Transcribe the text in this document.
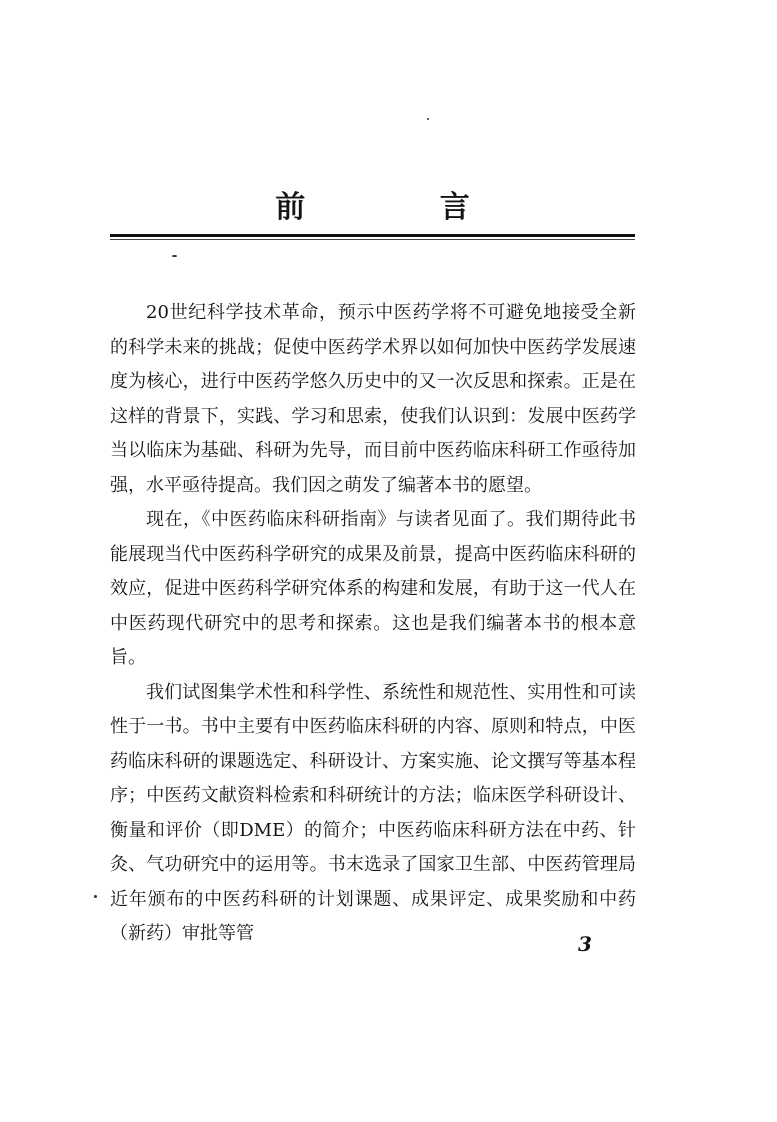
前 言

20世纪科学技术革命，预示中医药学将不可避免地接受全新的科学未来的挑战；促使中医药学术界以如何加快中医药学发展速度为核心，进行中医药学悠久历史中的又一次反思和探索。正是在这样的背景下，实践、学习和思索，使我们认识到：发展中医药学当以临床为基础、科研为先导，而目前中医药临床科研工作亟待加强，水平亟待提高。我们因之萌发了编著本书的愿望。

现在，《中医药临床科研指南》与读者见面了。我们期待此书能展现当代中医药科学研究的成果及前景，提高中医药临床科研的效应，促进中医药科学研究体系的构建和发展，有助于这一代人在中医药现代研究中的思考和探索。这也是我们编著本书的根本意旨。

我们试图集学术性和科学性、系统性和规范性、实用性和可读性于一书。书中主要有中医药临床科研的内容、原则和特点，中医药临床科研的课题选定、科研设计、方案实施、论文撰写等基本程序；中医药文献资料检索和科研统计的方法；临床医学科研设计、衡量和评价（即DME）的简介；中医药临床科研方法在中药、针灸、气功研究中的运用等。书末选录了国家卫生部、中医药管理局近年颁布的中医药科研的计划课题、成果评定、成果奖励和中药（新药）审批等管	3
